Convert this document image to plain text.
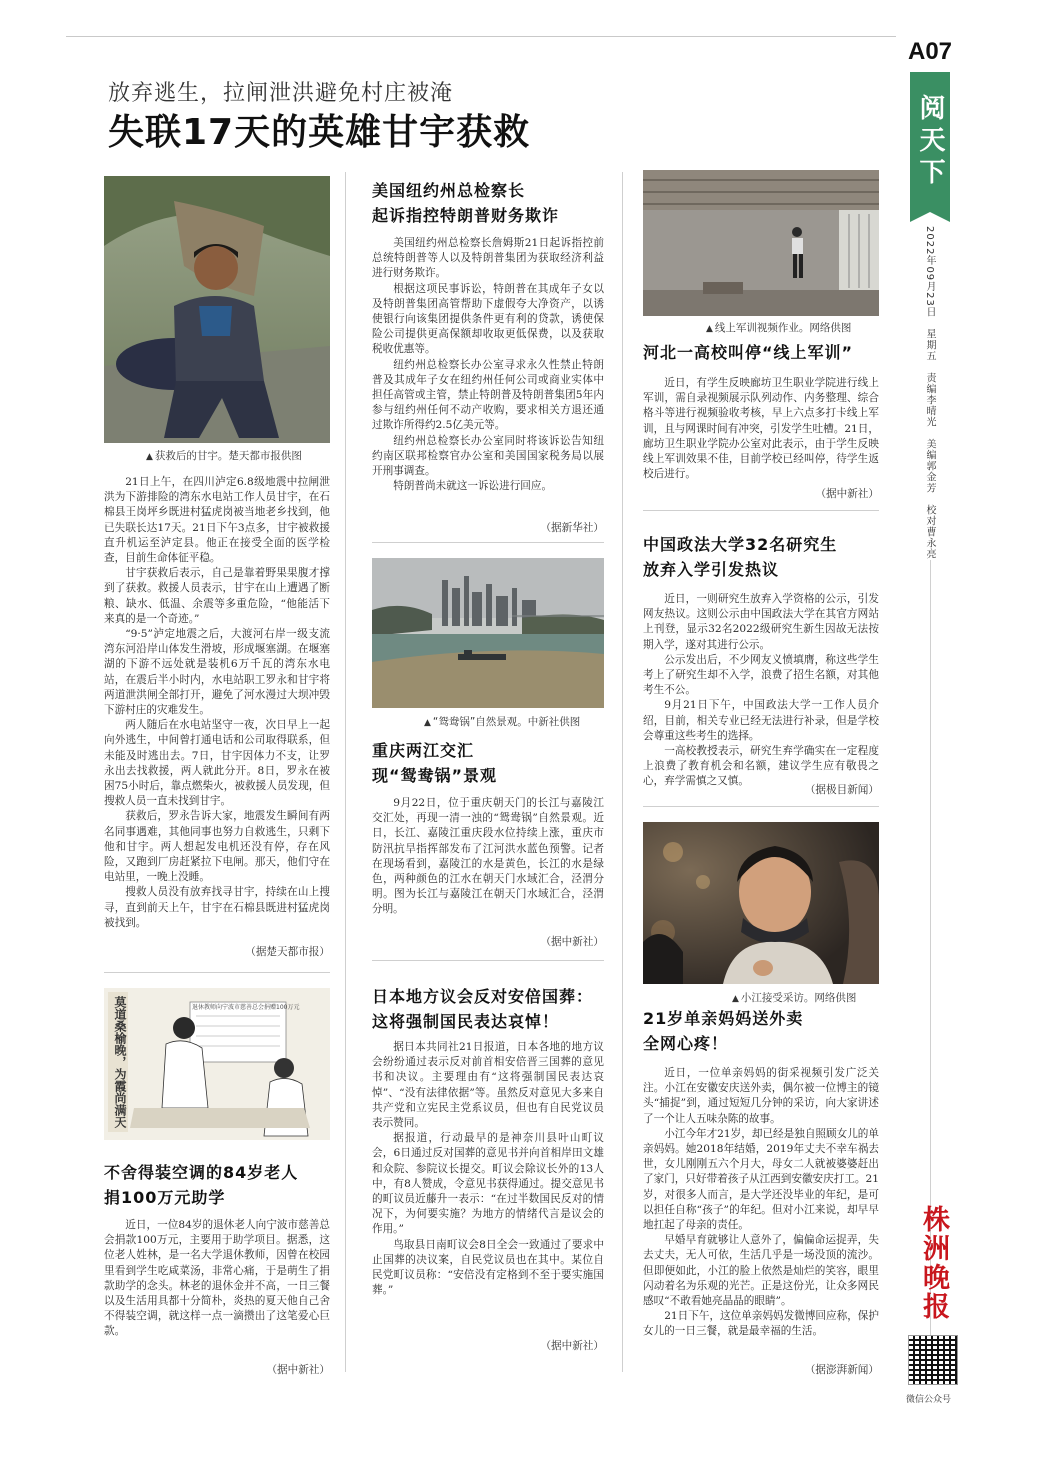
放弃逃生，拉闸泄洪避免村庄被淹
失联17天的英雄甘宇获救
A07
阅天下
2022年09月23日　星期五　责编李晴光　美编郭金芳　校对曹永亮
株洲晚报
微信公众号
▲ 获救后的甘宇。楚天都市报供图

21日上午，在四川泸定6.8级地震中拉闸泄洪为下游排险的湾东水电站工作人员甘宇，在石棉县王岗坪乡既进村猛虎岗被当地老乡找到，他已失联长达17天。21日下午3点多，甘宇被救援直升机运至泸定县。他正在接受全面的医学检查，目前生命体征平稳。

甘宇获救后表示，自己是靠着野果果腹才撑到了获救。救援人员表示，甘宇在山上遭遇了断粮、缺水、低温、余震等多重危险，“他能活下来真的是一个奇迹。”

“9·5”泸定地震之后，大渡河右岸一级支流湾东河沿岸山体发生滑坡，形成堰塞湖。在堰塞湖的下游不远处就是装机6万千瓦的湾东水电站，在震后半小时内，水电站职工罗永和甘宇将两道泄洪闸全部打开，避免了河水漫过大坝冲毁下游村庄的灾难发生。

两人随后在水电站坚守一夜，次日早上一起向外逃生，中间曾打通电话和公司取得联系，但未能及时逃出去。7日，甘宇因体力不支，让罗永出去找救援，两人就此分开。8日，罗永在被困75小时后，靠点燃柴火，被救援人员发现，但搜救人员一直未找到甘宇。

获救后，罗永告诉大家，地震发生瞬间有两名同事遇难，其他同事也努力自救逃生，只剩下他和甘宇。两人想起发电机还没有停，存在风险，又跑到厂房赶紧拉下电闸。那天，他们守在电站里，一晚上没睡。

搜救人员没有放弃找寻甘宇，持续在山上搜寻，直到前天上午，甘宇在石棉县既进村猛虎岗被找到。

（据楚天都市报）
莫道桑榆晚，为霞尚满天	退休教师向宁波市慈善总会捐赠100万元
不舍得装空调的84岁老人
捐100万元助学

近日，一位84岁的退休老人向宁波市慈善总会捐款100万元，主要用于助学项目。据悉，这位老人姓林，是一名大学退休教师，因曾在校园里看到学生吃咸菜汤，非常心痛，于是萌生了捐款助学的念头。林老的退休金并不高，一日三餐以及生活用具都十分简朴，炎热的夏天他自己舍不得装空调，就这样一点一滴攒出了这笔爱心巨款。

（据中新社）
美国纽约州总检察长
起诉指控特朗普财务欺诈

美国纽约州总检察长詹姆斯21日起诉指控前总统特朗普等人以及特朗普集团为获取经济利益进行财务欺诈。

根据这项民事诉讼，特朗普在其成年子女以及特朗普集团高管帮助下虚假夸大净资产，以诱使银行向该集团提供条件更有利的贷款，诱使保险公司提供更高保额却收取更低保费，以及获取税收优惠等。

纽约州总检察长办公室寻求永久性禁止特朗普及其成年子女在纽约州任何公司或商业实体中担任高管或主管，禁止特朗普及特朗普集团5年内参与纽约州任何不动产收购，要求相关方退还通过欺诈所得约2.5亿美元等。

纽约州总检察长办公室同时将该诉讼告知纽约南区联邦检察官办公室和美国国家税务局以展开刑事调查。

特朗普尚未就这一诉讼进行回应。

（据新华社）
▲ “鸳鸯锅”自然景观。中新社供图
重庆两江交汇
现“鸳鸯锅”景观

9月22日，位于重庆朝天门的长江与嘉陵江交汇处，再现一清一浊的“鸳鸯锅”自然景观。近日，长江、嘉陵江重庆段水位持续上涨，重庆市防汛抗旱指挥部发布了江河洪水蓝色预警。记者在现场看到，嘉陵江的水是黄色，长江的水是绿色，两种颜色的江水在朝天门水域汇合，泾渭分明。图为长江与嘉陵江在朝天门水域汇合，泾渭分明。

（据中新社）
日本地方议会反对安倍国葬：
这将强制国民表达哀悼！

据日本共同社21日报道，日本各地的地方议会纷纷通过表示反对前首相安倍晋三国葬的意见书和决议。主要理由有“这将强制国民表达哀悼”、“没有法律依据”等。虽然反对意见大多来自共产党和立宪民主党系议员，但也有自民党议员表示赞同。

据报道，行动最早的是神奈川县叶山町议会，6日通过反对国葬的意见书并向首相岸田文雄和众院、参院议长提交。町议会除议长外的13人中，有8人赞成，令意见书获得通过。提交意见书的町议员近藤升一表示：“在过半数国民反对的情况下，为何要实施？为地方的情绪代言是议会的作用。”

鸟取县日南町议会8日全会一致通过了要求中止国葬的决议案，自民党议员也在其中。某位自民党町议员称：“安倍没有定格到不至于要实施国葬。”

（据中新社）
▲ 线上军训视频作业。网络供图
河北一高校叫停“线上军训”

近日，有学生反映廊坊卫生职业学院进行线上军训，需自录视频展示队列动作、内务整理、综合格斗等进行视频验收考核，早上六点多打卡线上军训，且与网课时间有冲突，引发学生吐槽。21日，廊坊卫生职业学院办公室对此表示，由于学生反映线上军训效果不佳，目前学校已经叫停，待学生返校后进行。

（据中新社）
中国政法大学32名研究生
放弃入学引发热议

近日，一则研究生放弃入学资格的公示，引发网友热议。这则公示由中国政法大学在其官方网站上刊登，显示32名2022级研究生新生因故无法按期入学，遂对其进行公示。

公示发出后，不少网友义愤填膺，称这些学生考上了研究生却不入学，浪费了招生名额，对其他考生不公。

9月21日下午，中国政法大学一工作人员介绍，目前，相关专业已经无法进行补录，但是学校会尊重这些考生的选择。

一高校教授表示，研究生弃学确实在一定程度上浪费了教育机会和名额，建议学生应有敬畏之心，弃学需慎之又慎。

（据极目新闻）
▲ 小江接受采访。网络供图
21岁单亲妈妈送外卖
全网心疼！

近日，一位单亲妈妈的街采视频引发广泛关注。小江在安徽安庆送外卖，偶尔被一位博主的镜头“捕捉”到，通过短短几分钟的采访，向大家讲述了一个让人五味杂陈的故事。

小江今年才21岁，却已经是独自照顾女儿的单亲妈妈。她2018年结婚，2019年丈夫不幸车祸去世，女儿刚刚五六个月大，母女二人就被婆婆赶出了家门，只好带着孩子从江西到安徽安庆打工。21岁，对很多人而言，是大学还没毕业的年纪，是可以担任自称“孩子”的年纪。但对小江来说，却早早地扛起了母亲的责任。

早婚早育就够让人意外了，偏偏命运捉弄，失去丈夫，无人可依，生活几乎是一场没顶的流沙。但即便如此，小江的脸上依然是灿烂的笑容，眼里闪动着名为乐观的光芒。正是这份光，让众多网民感叹“不敢看她亮晶晶的眼睛”。

21日下午，这位单亲妈妈发微博回应称，保护女儿的一日三餐，就是最幸福的生活。

（据澎湃新闻）
